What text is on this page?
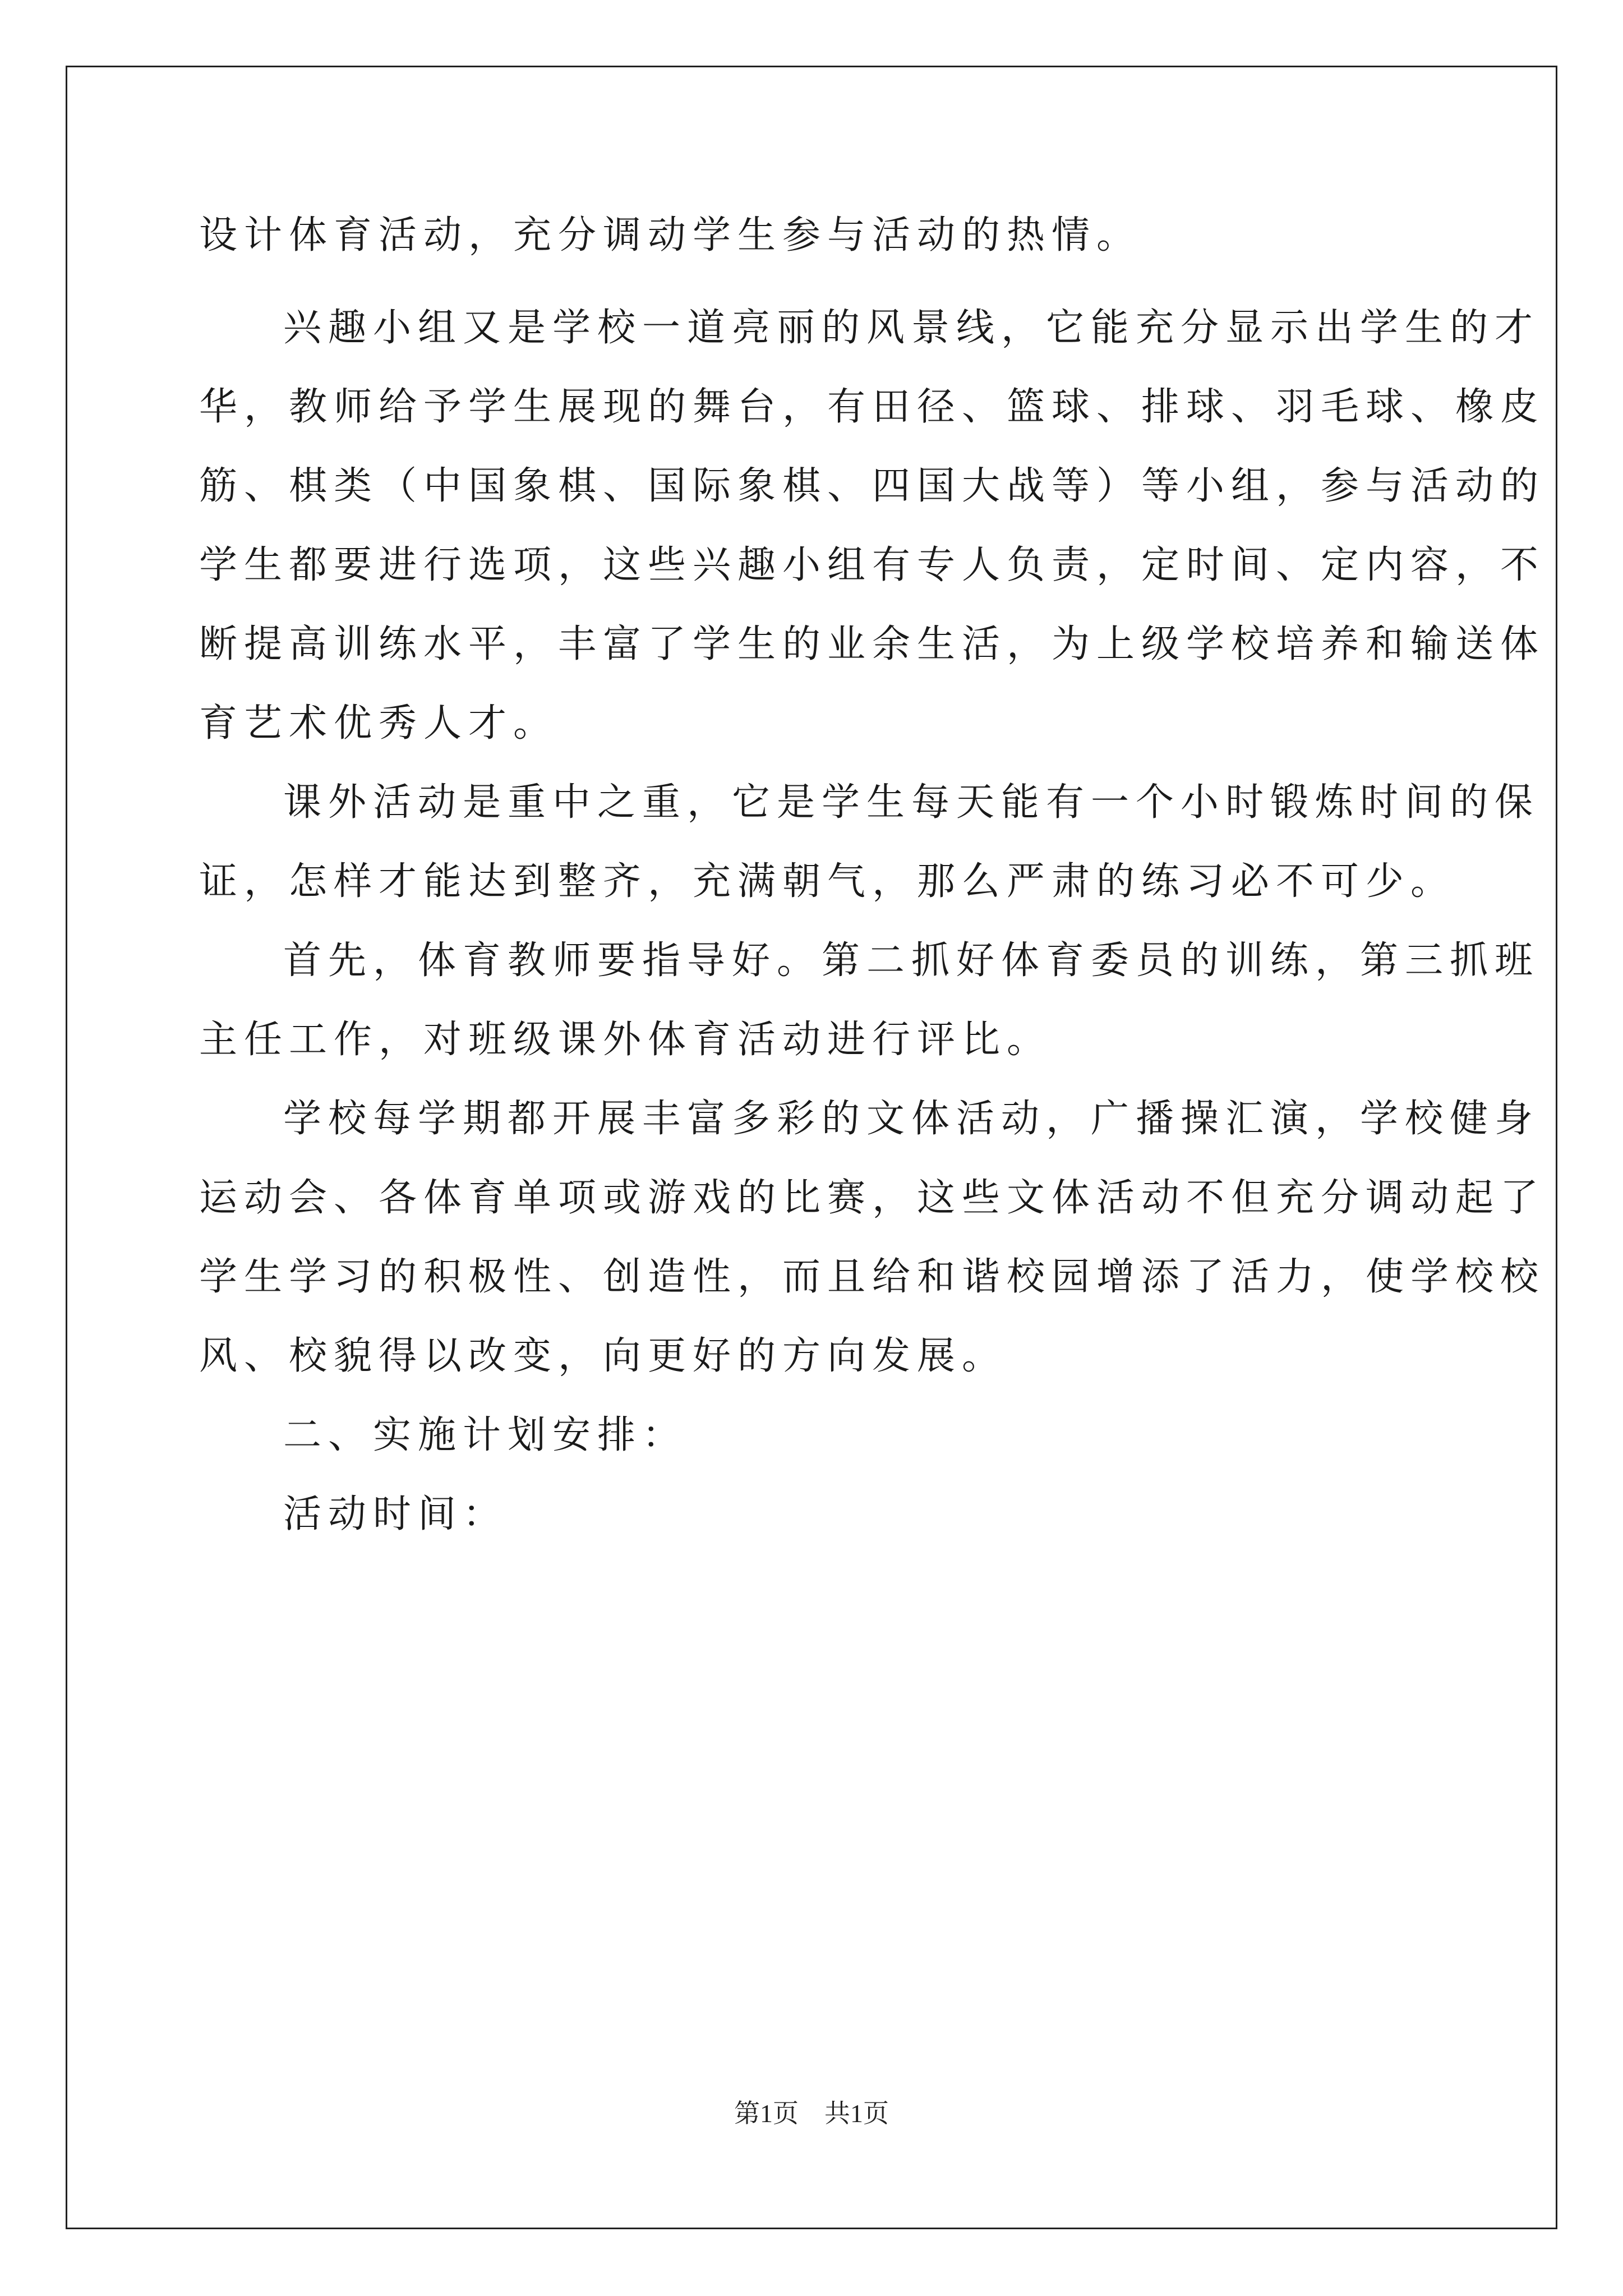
设计体育活动，充分调动学生参与活动的热情。
兴趣小组又是学校一道亮丽的风景线，它能充分显示出学生的才
华，教师给予学生展现的舞台，有田径、篮球、排球、羽毛球、橡皮
筋、棋类（中国象棋、国际象棋、四国大战等）等小组，参与活动的
学生都要进行选项，这些兴趣小组有专人负责，定时间、定内容，不
断提高训练水平，丰富了学生的业余生活，为上级学校培养和输送体
育艺术优秀人才。
课外活动是重中之重，它是学生每天能有一个小时锻炼时间的保
证，怎样才能达到整齐，充满朝气，那么严肃的练习必不可少。
首先，体育教师要指导好。第二抓好体育委员的训练，第三抓班
主任工作，对班级课外体育活动进行评比。
学校每学期都开展丰富多彩的文体活动，广播操汇演，学校健身
运动会、各体育单项或游戏的比赛，这些文体活动不但充分调动起了
学生学习的积极性、创造性，而且给和谐校园增添了活力，使学校校
风、校貌得以改变，向更好的方向发展。
二、实施计划安排：
活动时间：
第1页　共1页
